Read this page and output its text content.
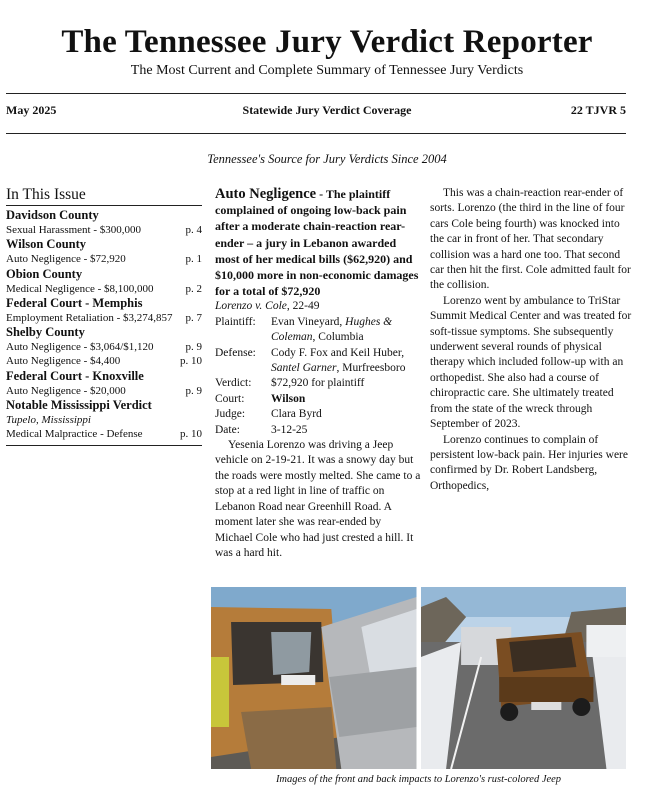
The Tennessee Jury Verdict Reporter
The Most Current and Complete Summary of Tennessee Jury Verdicts
May 2025	Statewide Jury Verdict Coverage	22 TJVR 5
Tennessee's Source for Jury Verdicts Since 2004
In This Issue
Davidson County
Sexual Harassment - $300,000	p. 4
Wilson County
Auto Negligence - $72,920	p. 1
Obion County
Medical Negligence - $8,100,000	p. 2
Federal Court - Memphis
Employment Retaliation - $3,274,857 p. 7
Shelby County
Auto Negligence - $3,064/$1,120	p. 9
Auto Negligence - $4,400	p. 10
Federal Court - Knoxville
Auto Negligence - $20,000	p. 9
Notable Mississippi Verdict
Tupelo, Mississippi
Medical Malpractice - Defense	p. 10
Auto Negligence - The plaintiff complained of ongoing low-back pain after a moderate chain-reaction rear-ender – a jury in Lebanon awarded most of her medical bills ($62,920) and $10,000 more in non-economic damages for a total of $72,920
Lorenzo v. Cole, 22-49
Plaintiff:	Evan Vineyard, Hughes & Coleman, Columbia
Defense:	Cody F. Fox and Keil Huber, Santel Garner, Murfreesboro
Verdict:	$72,920 for plaintiff
Court:	Wilson
Judge:	Clara Byrd
Date:	3-12-25

Yesenia Lorenzo was driving a Jeep vehicle on 2-19-21. It was a snowy day but the roads were mostly melted. She came to a stop at a red light in line of traffic on Lebanon Road near Greenhill Road. A moment later she was rear-ended by Michael Cole who had just crested a hill. It was a hard hit.

This was a chain-reaction rear-ender of sorts. Lorenzo (the third in the line of four cars Cole being fourth) was knocked into the car in front of her. That secondary collision was a hard one too. That second car then hit the first. Cole admitted fault for the collision.

Lorenzo went by ambulance to TriStar Summit Medical Center and was treated for soft-tissue symptoms. She subsequently underwent several rounds of physical therapy which included follow-up with an orthopedist. She also had a course of chiropractic care. She ultimately treated from the state of the wreck through September of 2023.

Lorenzo continues to complain of persistent low-back pain. Her injuries were confirmed by Dr. Robert Landsberg, Orthopedics,

Images of the front and back impacts to Lorenzo's rust-colored Jeep
